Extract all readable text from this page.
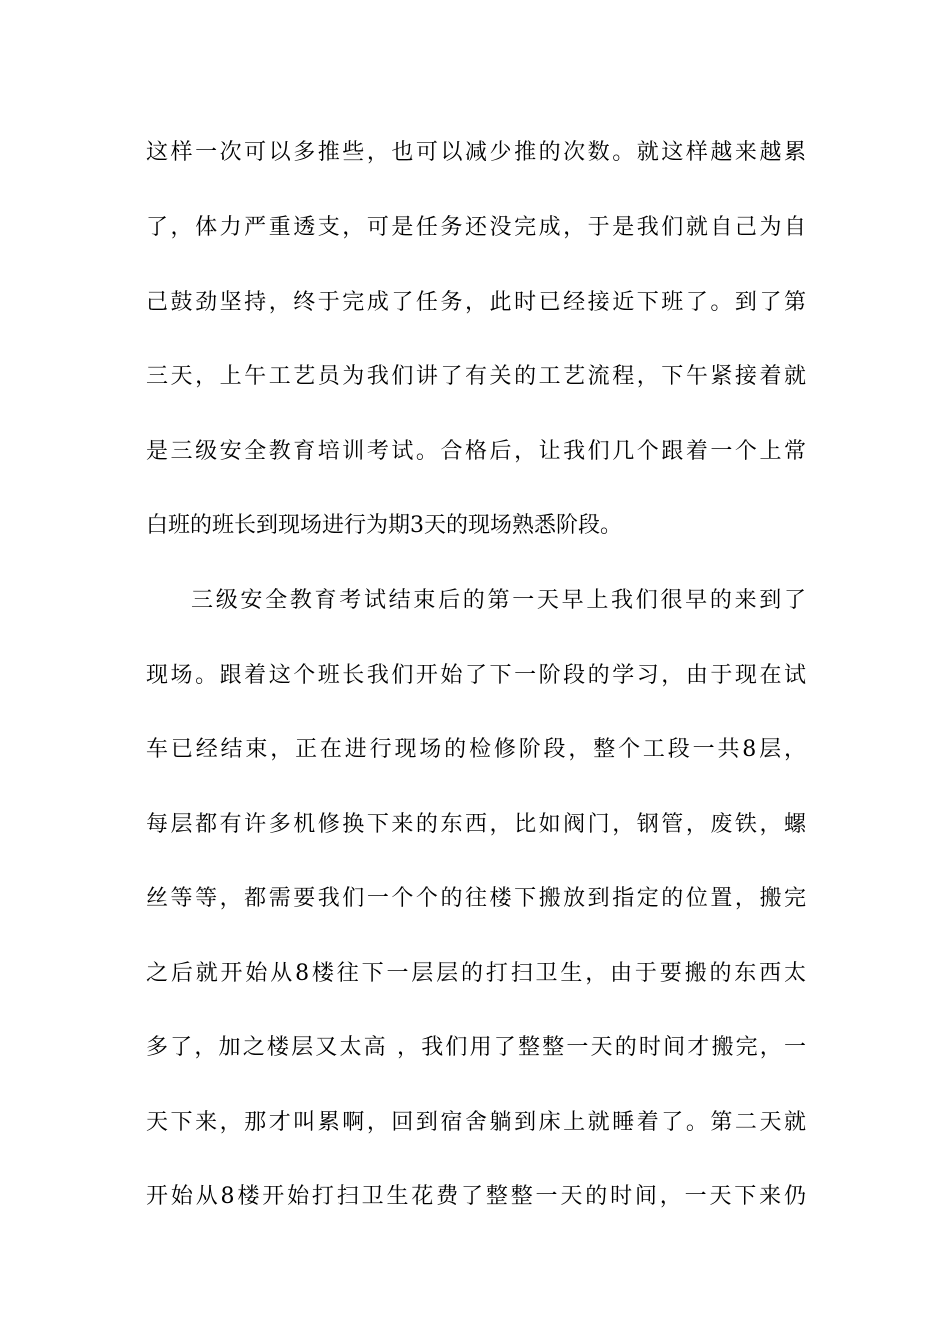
这样一次可以多推些，也可以减少推的次数。就这样越来越累
了，体力严重透支，可是任务还没完成，于是我们就自己为自
己鼓劲坚持，终于完成了任务，此时已经接近下班了。到了第
三天，上午工艺员为我们讲了有关的工艺流程，下午紧接着就
是三级安全教育培训考试。合格后，让我们几个跟着一个上常
白班的班长到现场进行为期3天的现场熟悉阶段。
三级安全教育考试结束后的第一天早上我们很早的来到了
现场。跟着这个班长我们开始了下一阶段的学习，由于现在试
车已经结束，正在进行现场的检修阶段，整个工段一共8层，
每层都有许多机修换下来的东西，比如阀门，钢管，废铁，螺
丝等等，都需要我们一个个的往楼下搬放到指定的位置，搬完
之后就开始从8楼往下一层层的打扫卫生，由于要搬的东西太
多了，加之楼层又太高 ，我们用了整整一天的时间才搬完，一
天下来，那才叫累啊，回到宿舍躺到床上就睡着了。第二天就
开始从8楼开始打扫卫生花费了整整一天的时间，一天下来仍
